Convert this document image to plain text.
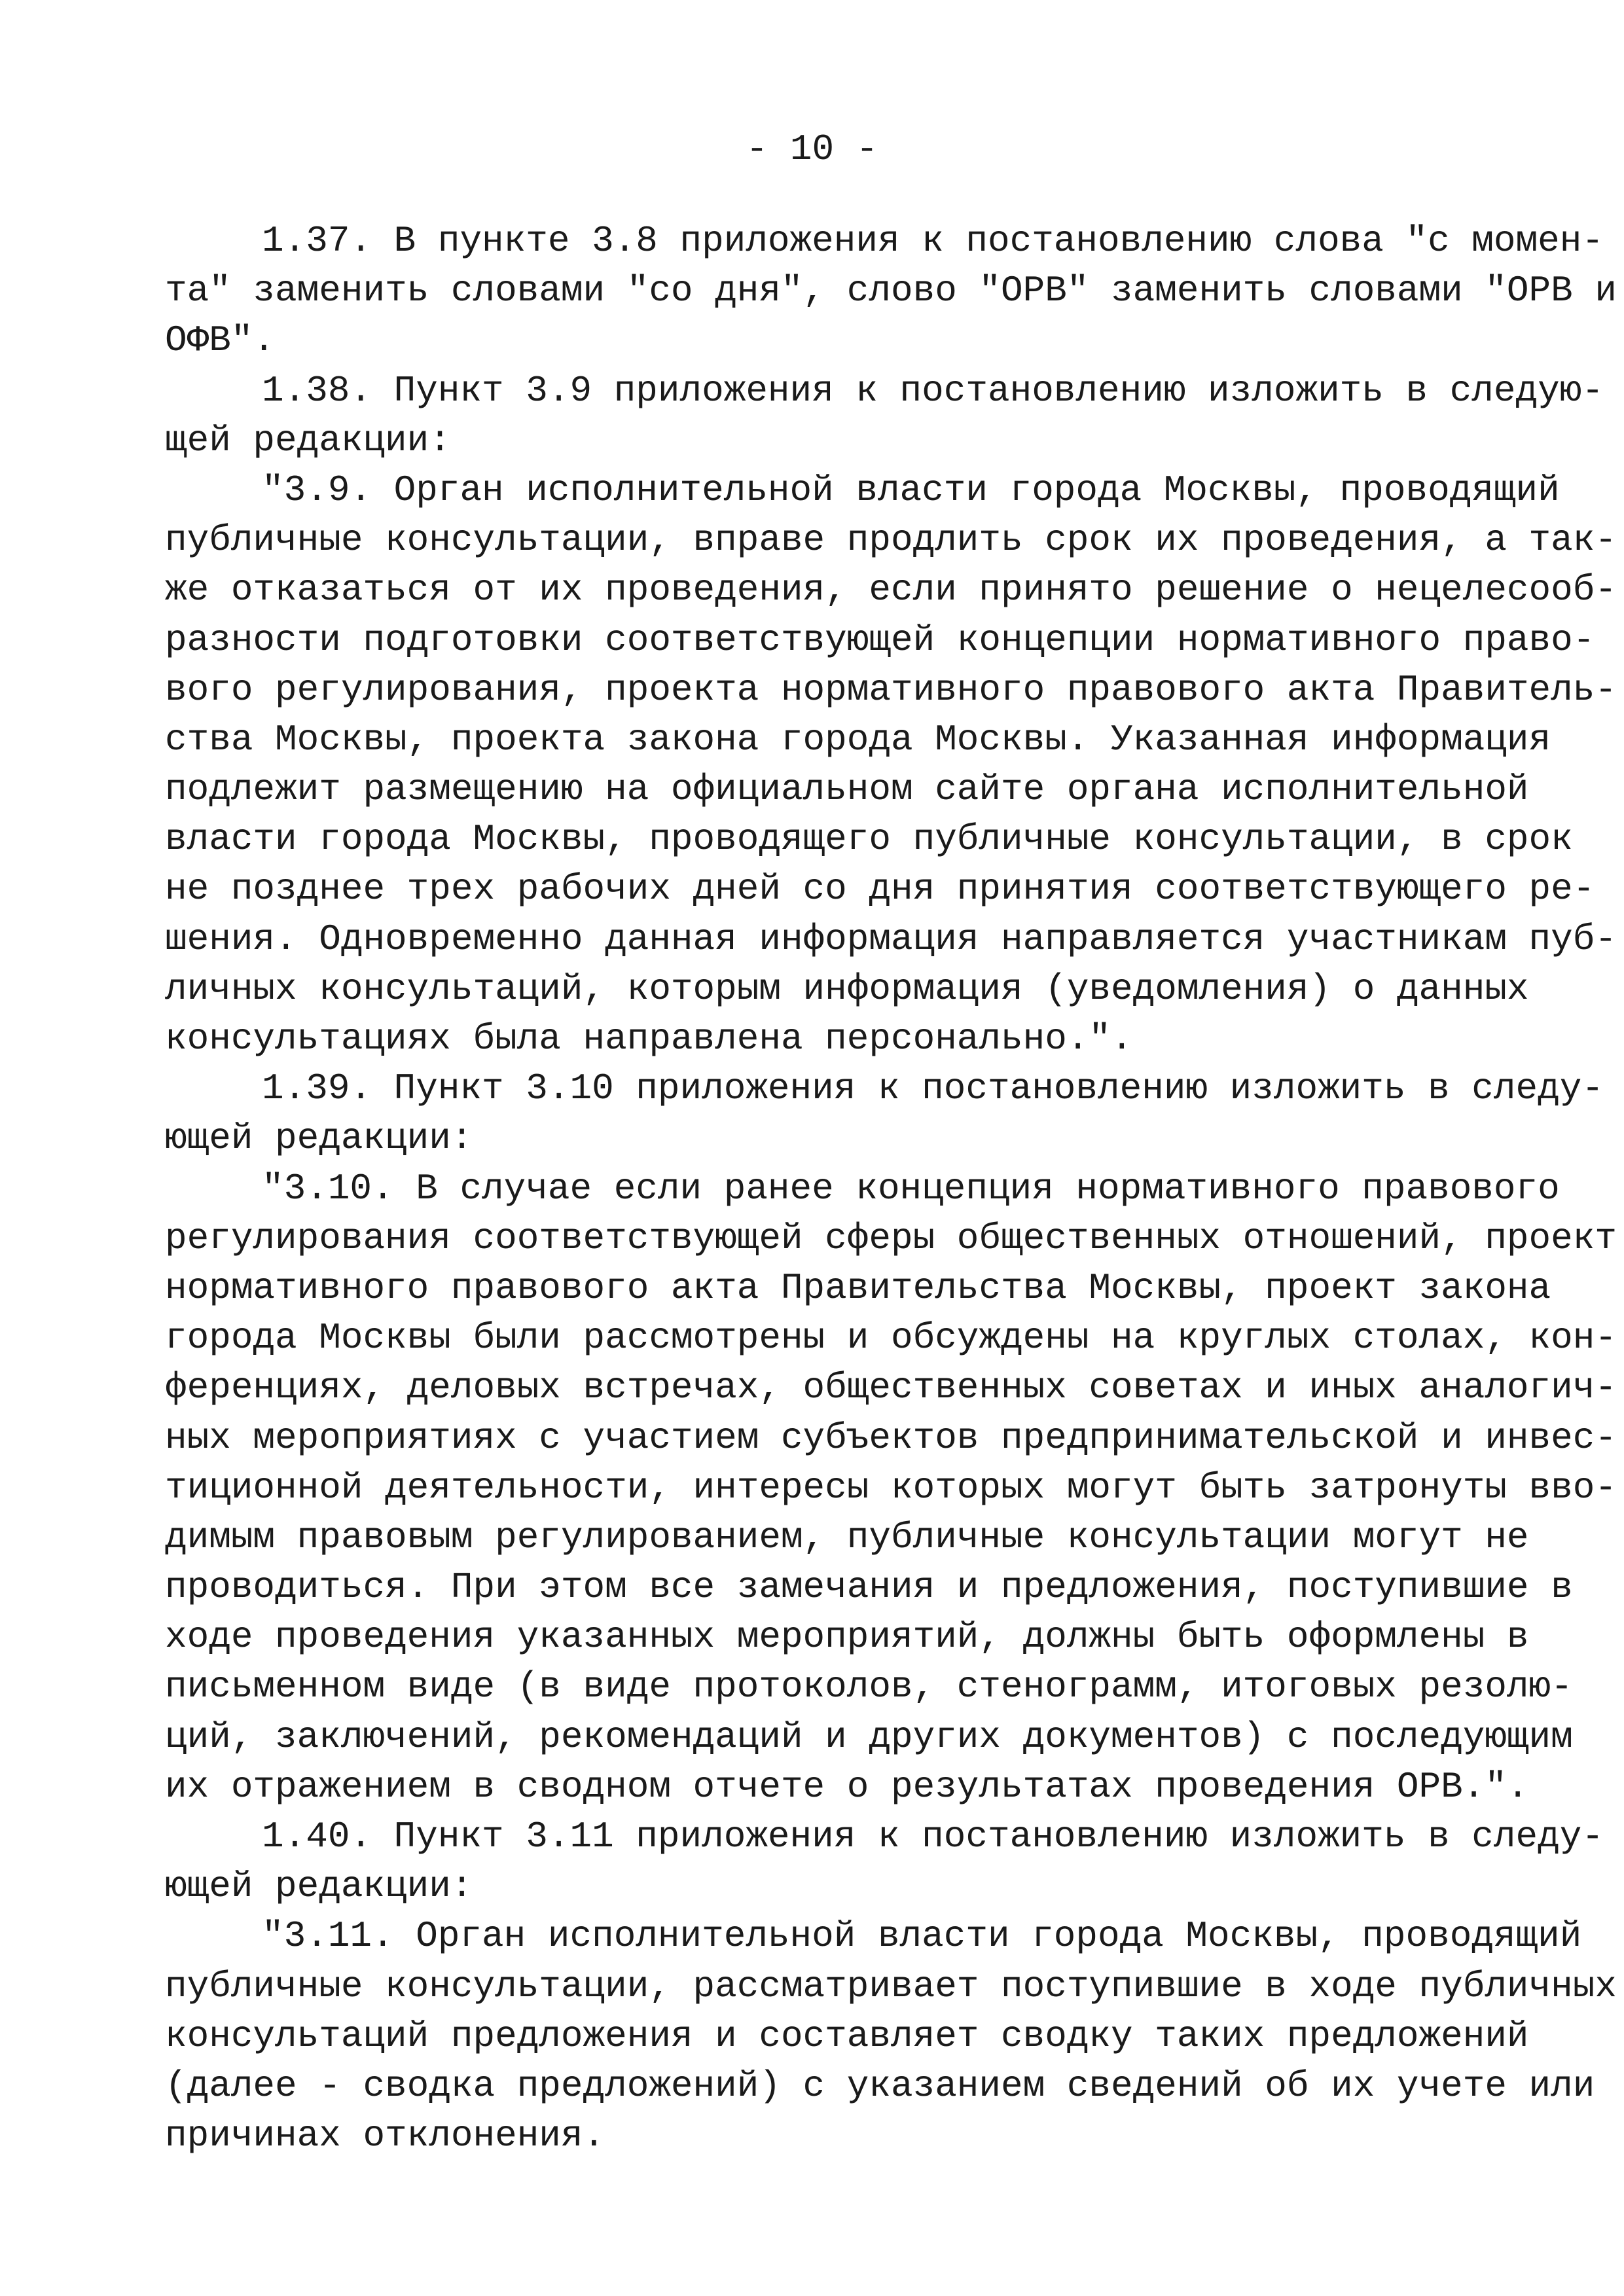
- 10 -
1.37. В пункте 3.8 приложения к постановлению слова "с момен-
та" заменить словами "со дня", слово "ОРВ" заменить словами "ОРВ и
ОФВ".
1.38. Пункт 3.9 приложения к постановлению изложить в следую-
щей редакции:
"3.9. Орган исполнительной власти города Москвы, проводящий
публичные консультации, вправе продлить срок их проведения, а так-
же отказаться от их проведения, если принято решение о нецелесооб-
разности подготовки соответствующей концепции нормативного право-
вого регулирования, проекта нормативного правового акта Правитель-
ства Москвы, проекта закона города Москвы. Указанная информация
подлежит размещению на официальном сайте органа исполнительной
власти города Москвы, проводящего публичные консультации, в срок
не позднее трех рабочих дней со дня принятия соответствующего ре-
шения. Одновременно данная информация направляется участникам пуб-
личных консультаций, которым информация (уведомления) о данных
консультациях была направлена персонально.".
1.39. Пункт 3.10 приложения к постановлению изложить в следу-
ющей редакции:
"3.10. В случае если ранее концепция нормативного правового
регулирования соответствующей сферы общественных отношений, проект
нормативного правового акта Правительства Москвы, проект закона
города Москвы были рассмотрены и обсуждены на круглых столах, кон-
ференциях, деловых встречах, общественных советах и иных аналогич-
ных мероприятиях с участием субъектов предпринимательской и инвес-
тиционной деятельности, интересы которых могут быть затронуты вво-
димым правовым регулированием, публичные консультации могут не
проводиться. При этом все замечания и предложения, поступившие в
ходе проведения указанных мероприятий, должны быть оформлены в
письменном виде (в виде протоколов, стенограмм, итоговых резолю-
ций, заключений, рекомендаций и других документов) с последующим
их отражением в сводном отчете о результатах проведения ОРВ.".
1.40. Пункт 3.11 приложения к постановлению изложить в следу-
ющей редакции:
"3.11. Орган исполнительной власти города Москвы, проводящий
публичные консультации, рассматривает поступившие в ходе публичных
консультаций предложения и составляет сводку таких предложений
(далее - сводка предложений) с указанием сведений об их учете или
причинах отклонения.
